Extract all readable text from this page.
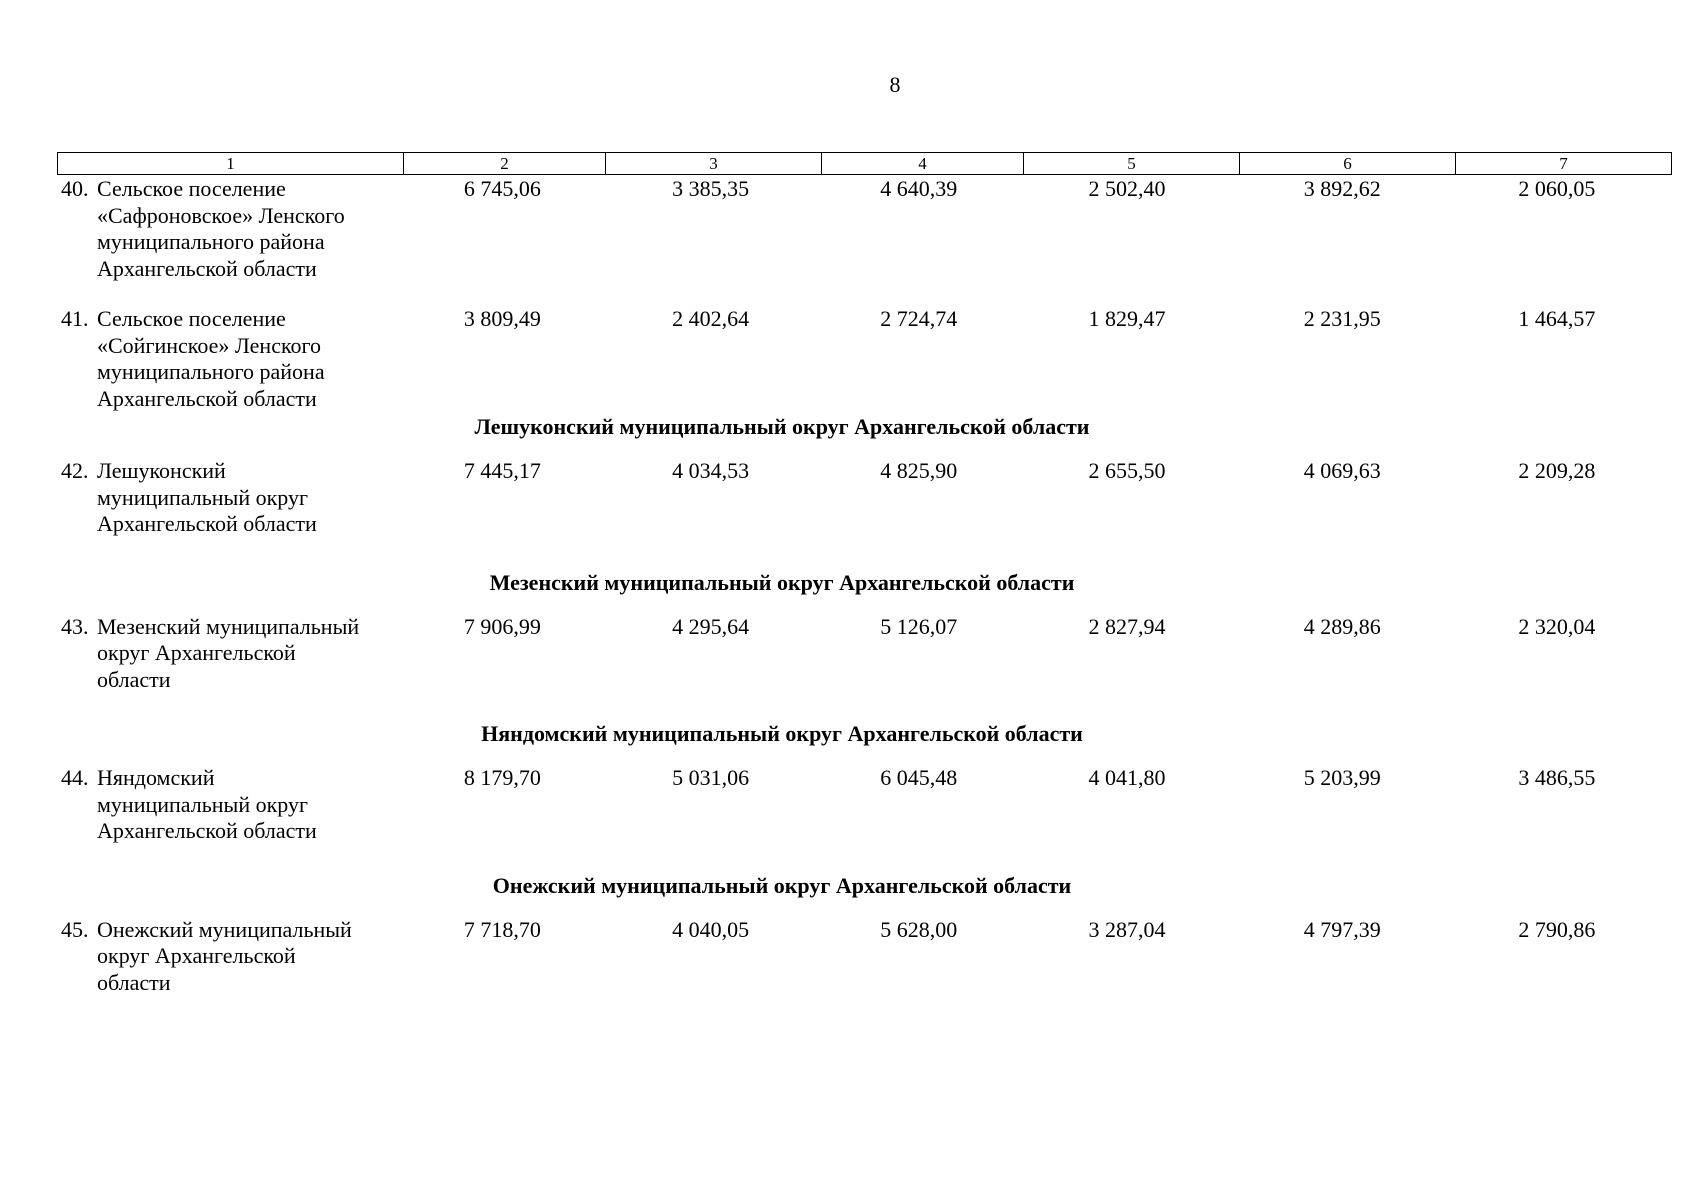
8
1	2	3	4	5	6	7
40. Сельское поселение
«Сафроновское» Ленского
муниципального района
Архангельской области
6 745,06	3 385,35	4 640,39	2 502,40	3 892,62	2 060,05
41. Сельское поселение
«Сойгинское» Ленского
муниципального района
Архангельской области
3 809,49	2 402,64	2 724,74	1 829,47	2 231,95	1 464,57
Лешуконский муниципальный округ Архангельской области
42. Лешуконский
муниципальный округ
Архангельской области
7 445,17	4 034,53	4 825,90	2 655,50	4 069,63	2 209,28
Мезенский муниципальный округ Архангельской области
43. Мезенский муниципальный
округ Архангельской
области
7 906,99	4 295,64	5 126,07	2 827,94	4 289,86	2 320,04
Няндомский муниципальный округ Архангельской области
44. Няндомский
муниципальный округ
Архангельской области
8 179,70	5 031,06	6 045,48	4 041,80	5 203,99	3 486,55
Онежский муниципальный округ Архангельской области
45. Онежский муниципальный
округ Архангельской
области
7 718,70	4 040,05	5 628,00	3 287,04	4 797,39	2 790,86
